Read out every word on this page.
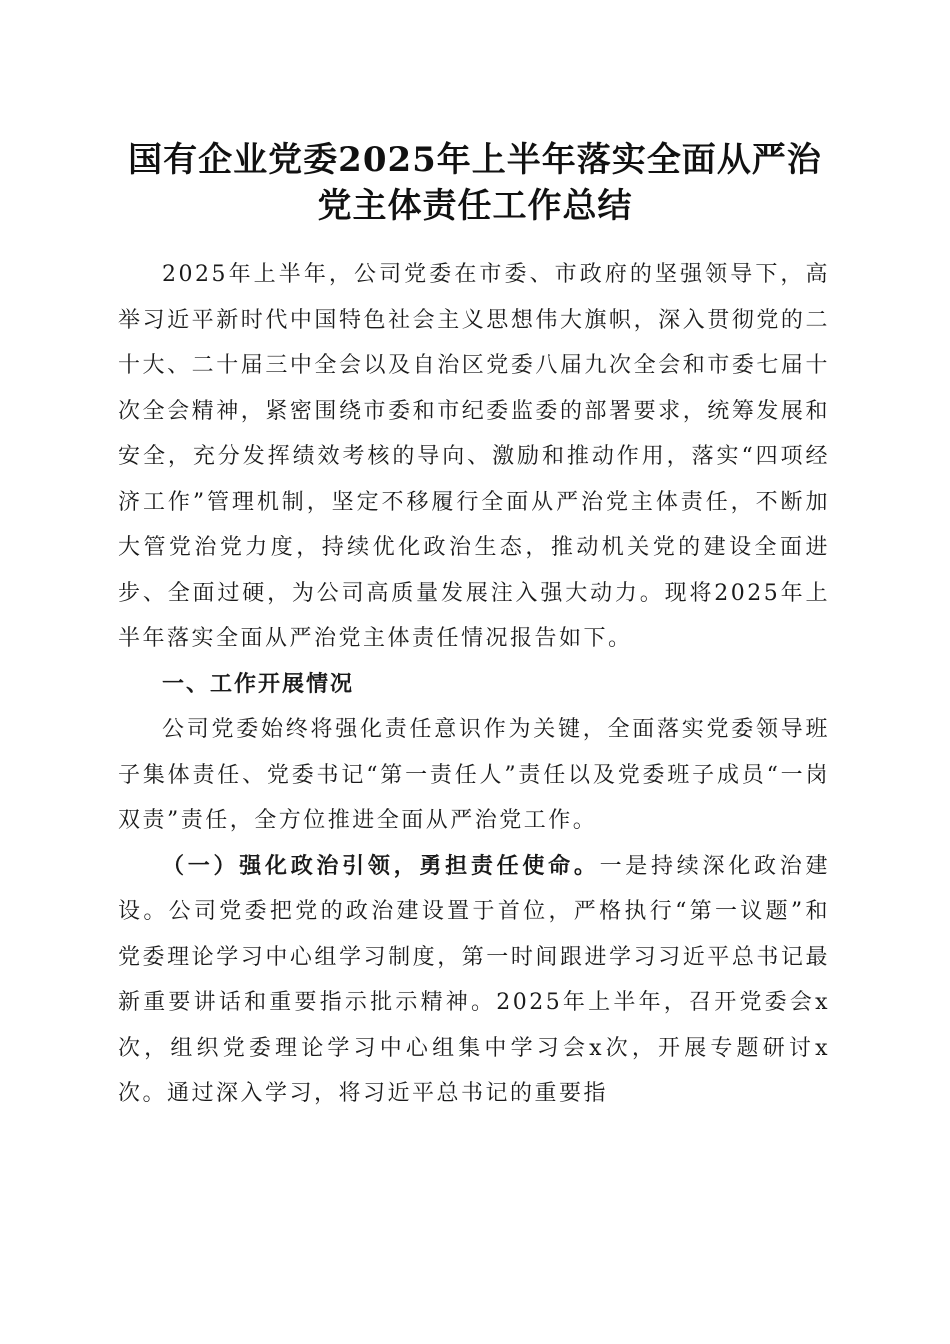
国有企业党委2025年上半年落实全面从严治
党主体责任工作总结

2025年上半年，公司党委在市委、市政府的坚强领导下，高举习近平新时代中国特色社会主义思想伟大旗帜，深入贯彻党的二十大、二十届三中全会以及自治区党委八届九次全会和市委七届十次全会精神，紧密围绕市委和市纪委监委的部署要求，统筹发展和安全，充分发挥绩效考核的导向、激励和推动作用，落实“四项经济工作”管理机制，坚定不移履行全面从严治党主体责任，不断加大管党治党力度，持续优化政治生态，推动机关党的建设全面进步、全面过硬，为公司高质量发展注入强大动力。现将2025年上半年落实全面从严治党主体责任情况报告如下。

一、工作开展情况

公司党委始终将强化责任意识作为关键，全面落实党委领导班子集体责任、党委书记“第一责任人”责任以及党委班子成员“一岗双责”责任，全方位推进全面从严治党工作。

（一）强化政治引领，勇担责任使命。一是持续深化政治建设。公司党委把党的政治建设置于首位，严格执行“第一议题”和党委理论学习中心组学习制度，第一时间跟进学习习近平总书记最新重要讲话和重要指示批示精神。2025年上半年，召开党委会x次，组织党委理论学习中心组集中学习会x次，开展专题研讨x次。通过深入学习，将习近平总书记的重要指
